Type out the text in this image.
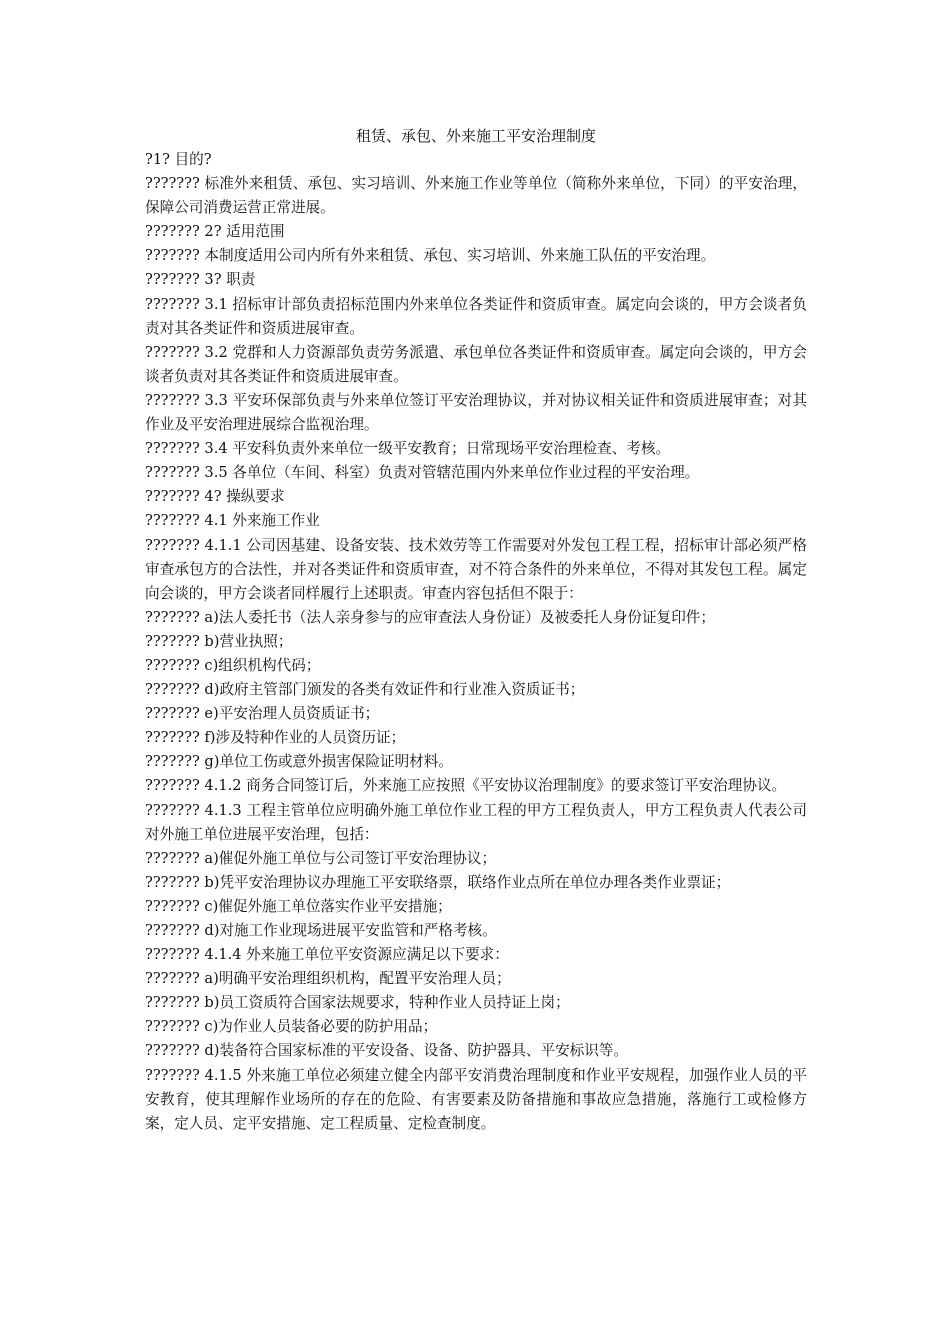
租赁、承包、外来施工平安治理制度

?1? 目的?

??????? 标准外来租赁、承包、实习培训、外来施工作业等单位（简称外来单位，下同）的平安治理，保障公司消费运营正常进展。

??????? 2? 适用范围

??????? 本制度适用公司内所有外来租赁、承包、实习培训、外来施工队伍的平安治理。

??????? 3? 职责

??????? 3.1 招标审计部负责招标范围内外来单位各类证件和资质审查。属定向会谈的，甲方会谈者负责对其各类证件和资质进展审查。

??????? 3.2 党群和人力资源部负责劳务派遣、承包单位各类证件和资质审查。属定向会谈的，甲方会谈者负责对其各类证件和资质进展审查。

??????? 3.3 平安环保部负责与外来单位签订平安治理协议，并对协议相关证件和资质进展审查；对其作业及平安治理进展综合监视治理。

??????? 3.4 平安科负责外来单位一级平安教育；日常现场平安治理检查、考核。

??????? 3.5 各单位（车间、科室）负责对管辖范围内外来单位作业过程的平安治理。

??????? 4? 操纵要求

??????? 4.1 外来施工作业

??????? 4.1.1 公司因基建、设备安装、技术效劳等工作需要对外发包工程工程，招标审计部必须严格审查承包方的合法性，并对各类证件和资质审查，对不符合条件的外来单位，不得对其发包工程。属定向会谈的，甲方会谈者同样履行上述职责。审查内容包括但不限于：

??????? a)法人委托书（法人亲身参与的应审查法人身份证）及被委托人身份证复印件；

??????? b)营业执照；

??????? c)组织机构代码；

??????? d)政府主管部门颁发的各类有效证件和行业准入资质证书；

??????? e)平安治理人员资质证书；

??????? f)涉及特种作业的人员资历证；

??????? g)单位工伤或意外损害保险证明材料。

??????? 4.1.2 商务合同签订后，外来施工应按照《平安协议治理制度》的要求签订平安治理协议。

??????? 4.1.3 工程主管单位应明确外施工单位作业工程的甲方工程负责人，甲方工程负责人代表公司对外施工单位进展平安治理，包括：

??????? a)催促外施工单位与公司签订平安治理协议；

??????? b)凭平安治理协议办理施工平安联络票，联络作业点所在单位办理各类作业票证；

??????? c)催促外施工单位落实作业平安措施；

??????? d)对施工作业现场进展平安监管和严格考核。

??????? 4.1.4 外来施工单位平安资源应满足以下要求：

??????? a)明确平安治理组织机构，配置平安治理人员；

??????? b)员工资质符合国家法规要求，特种作业人员持证上岗；

??????? c)为作业人员装备必要的防护用品；

??????? d)装备符合国家标准的平安设备、设备、防护器具、平安标识等。

??????? 4.1.5 外来施工单位必须建立健全内部平安消费治理制度和作业平安规程，加强作业人员的平安教育，使其理解作业场所的存在的危险、有害要素及防备措施和事故应急措施，落施行工或检修方案，定人员、定平安措施、定工程质量、定检查制度。
